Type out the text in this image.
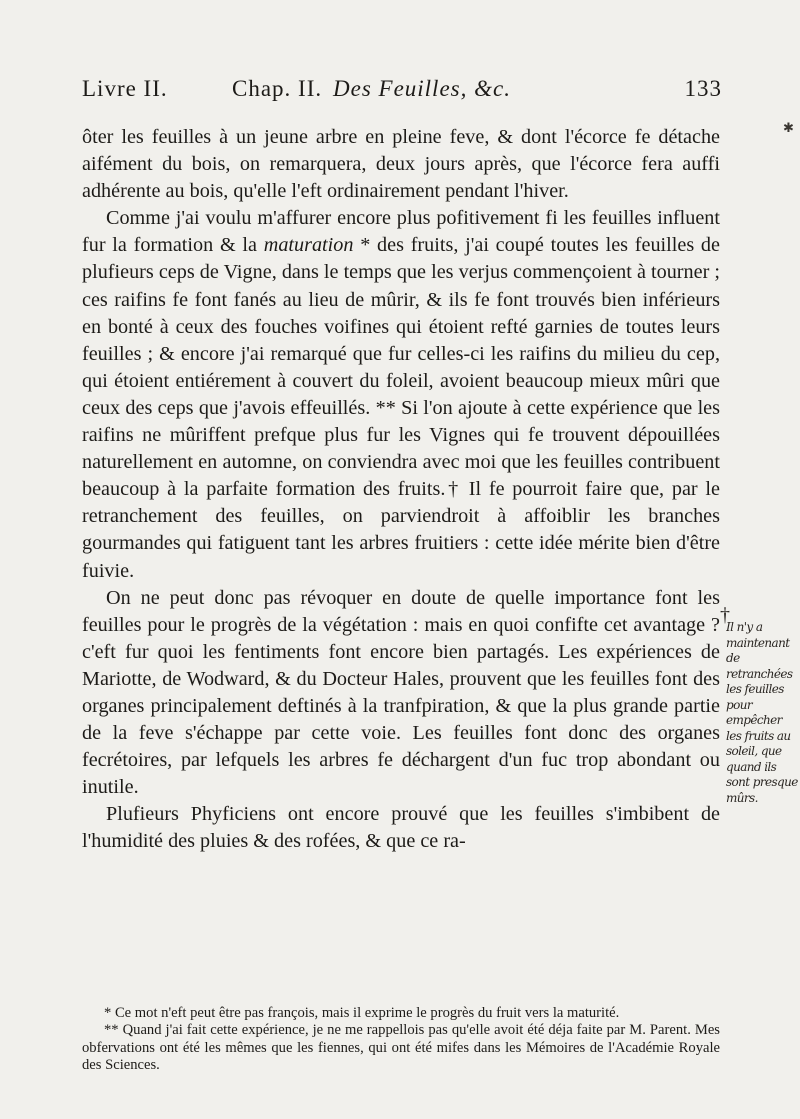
Livre II.	Chap. II. Des Feuilles, &c.	133
✱

ôter les feuilles à un jeune arbre en pleine feve, & dont l'écorce fe détache aifément du bois, on remarquera, deux jours après, que l'écorce fera auffi adhérente au bois, qu'elle l'eft ordinairement pendant l'hiver.

Comme j'ai voulu m'affurer encore plus pofitivement fi les feuilles influent fur la formation & la maturation * des fruits, j'ai coupé toutes les feuilles de plufieurs ceps de Vigne, dans le temps que les verjus commençoient à tourner ; ces raifins fe font fanés au lieu de mûrir, & ils fe font trouvés bien inférieurs en bonté à ceux des fouches voifines qui étoient refté garnies de toutes leurs feuilles ; & encore j'ai remarqué que fur celles-ci les raifins du milieu du cep, qui étoient entiérement à couvert du foleil, avoient beaucoup mieux mûri que ceux des ceps que j'avois effeuillés. ** Si l'on ajoute à cette expérience que les raifins ne mûriffent prefque plus fur les Vignes qui fe trouvent dépouillées naturellement en automne, on conviendra avec moi que les feuilles contribuent beaucoup à la parfaite formation des fruits.† Il fe pourroit faire que, par le retranchement des feuilles, on parviendroit à affoiblir les branches gourmandes qui fatiguent tant les arbres fruitiers : cette idée mérite bien d'être fuivie.

On ne peut donc pas révoquer en doute de quelle importance font les feuilles pour le progrès de la végétation : mais en quoi confifte cet avantage ? c'eft fur quoi les fentiments font encore bien partagés. Les expériences de Mariotte, de Wodward, & du Docteur Hales, prouvent que les feuilles font des organes principalement deftinés à la tranfpiration, & que la plus grande partie de la feve s'échappe par cette voie. Les feuilles font donc des organes fecrétoires, par lefquels les arbres fe déchargent d'un fuc trop abondant ou inutile.

Plufieurs Phyficiens ont encore prouvé que les feuilles s'imbibent de l'humidité des pluies & des rofées, & que ce ra-

†
Il n'y a maintenant de retranchées les feuilles pour empêcher les fruits au soleil, que quand ils sont presque mûrs.

* Ce mot n'eft peut être pas françois, mais il exprime le progrès du fruit vers la maturité.

** Quand j'ai fait cette expérience, je ne me rappellois pas qu'elle avoit été déja faite par M. Parent. Mes obfervations ont été les mêmes que les fiennes, qui ont été mifes dans les Mémoires de l'Académie Royale des Sciences.
